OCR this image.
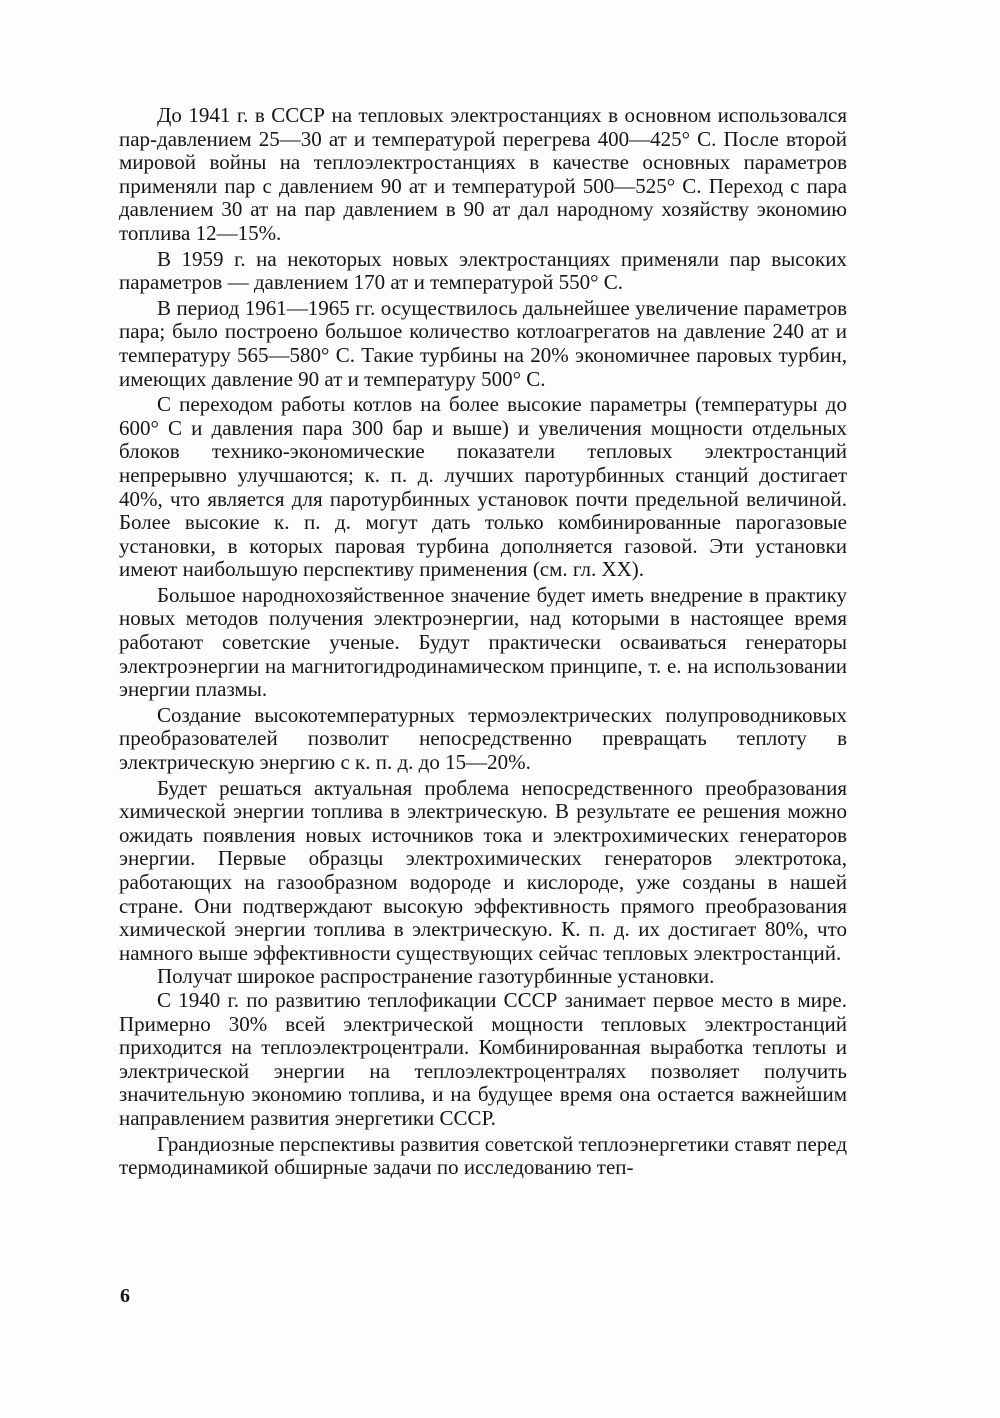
До 1941 г. в СССР на тепловых электростанциях в основном использовался пар-давлением 25—30 ат и температурой перегрева 400—425° С. После второй мировой войны на теплоэлектростанциях в качестве основных параметров применяли пар с давлением 90 ат и температурой 500—525° С. Переход с пара давлением 30 ат на пар давлением в 90 ат дал народному хозяйству экономию топлива 12—15%.

В 1959 г. на некоторых новых электростанциях применяли пар высоких параметров — давлением 170 ат и температурой 550° С.

В период 1961—1965 гг. осуществилось дальнейшее увеличение параметров пара; было построено большое количество котлоагрегатов на давление 240 ат и температуру 565—580° С. Такие турбины на 20% экономичнее паровых турбин, имеющих давление 90 ат и температуру 500° С.

С переходом работы котлов на более высокие параметры (температуры до 600° С и давления пара 300 бар и выше) и увеличения мощности отдельных блоков технико-экономические показатели тепловых электростанций непрерывно улучшаются; к. п. д. лучших паротурбинных станций достигает 40%, что является для паротурбинных установок почти предельной величиной. Более высокие к. п. д. могут дать только комбинированные парогазовые установки, в которых паровая турбина дополняется газовой. Эти установки имеют наибольшую перспективу применения (см. гл. XX).

Большое народнохозяйственное значение будет иметь внедрение в практику новых методов получения электроэнергии, над которыми в настоящее время работают советские ученые. Будут практически осваиваться генераторы электроэнергии на магнитогидродинамическом принципе, т. е. на использовании энергии плазмы.

Создание высокотемпературных термоэлектрических полупроводниковых преобразователей позволит непосредственно превращать теплоту в электрическую энергию с к. п. д. до 15—20%.

Будет решаться актуальная проблема непосредственного преобразования химической энергии топлива в электрическую. В результате ее решения можно ожидать появления новых источников тока и электрохимических генераторов энергии. Первые образцы электрохимических генераторов электротока, работающих на газообразном водороде и кислороде, уже созданы в нашей стране. Они подтверждают высокую эффективность прямого преобразования химической энергии топлива в электрическую. К. п. д. их достигает 80%, что намного выше эффективности существующих сейчас тепловых электростанций.

Получат широкое распространение газотурбинные установки.

С 1940 г. по развитию теплофикации СССР занимает первое место в мире. Примерно 30% всей электрической мощности тепловых электростанций приходится на теплоэлектроцентрали. Комбинированная выработка теплоты и электрической энергии на теплоэлектроцентралях позволяет получить значительную экономию топлива, и на будущее время она остается важнейшим направлением развития энергетики СССР.

Грандиозные перспективы развития советской теплоэнергетики ставят перед термодинамикой обширные задачи по исследованию теп-

6
